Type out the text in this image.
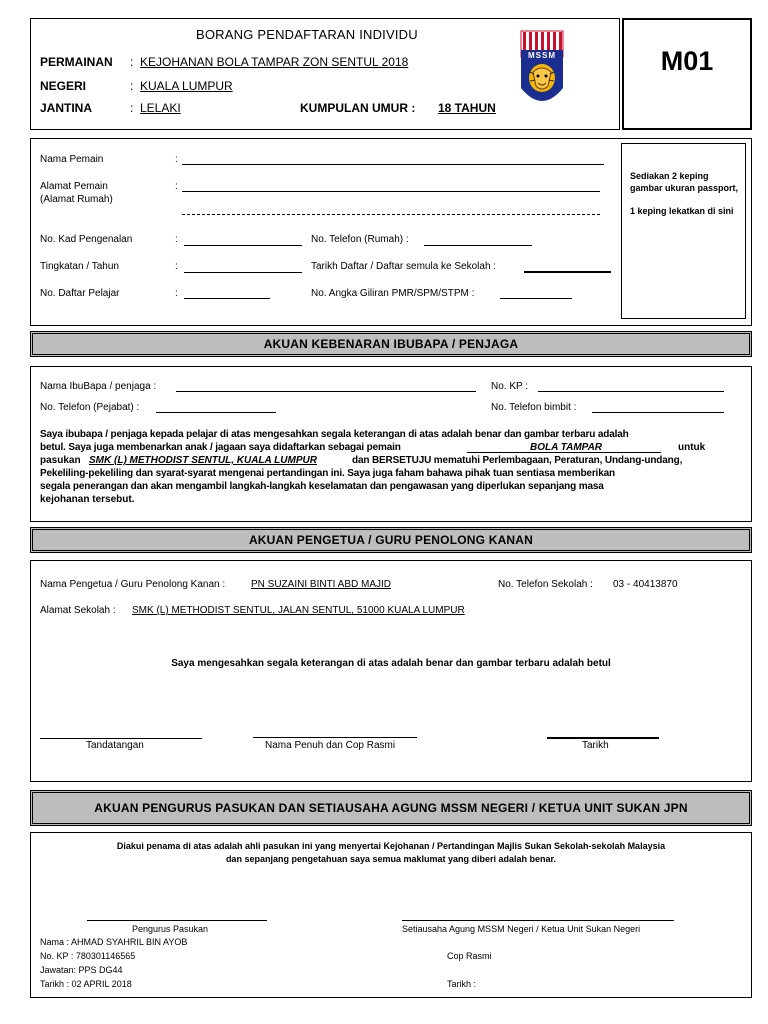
M01
BORANG PENDAFTARAN INDIVIDU
PERMAINAN : KEJOHANAN BOLA TAMPAR ZON SENTUL 2018
NEGERI	: KUALA LUMPUR
JANTINA	: LELAKI	KUMPULAN UMUR :	18 TAHUN
MSSM
Sediakan 2 keping
gambar ukuran passport,
1 keping lekatkan di sini
Nama Pemain	:
Alamat Pemain
(Alamat Rumah)
:
No. Kad Pengenalan	:	No. Telefon (Rumah) :
Tingkatan / Tahun	:	Tarikh Daftar / Daftar semula ke Sekolah :
No. Daftar Pelajar	:	No. Angka Giliran PMR/SPM/STPM :
AKUAN KEBENARAN IBUBAPA / PENJAGA
Nama IbuBapa / penjaga :	No. KP :
No. Telefon (Pejabat) :	No. Telefon bimbit :
Saya ibubapa / penjaga kepada pelajar di atas mengesahkan segala keterangan di atas adalah benar dan gambar terbaru adalah
betul. Saya juga membenarkan anak / jagaan saya didaftarkan sebagai pemain	BOLA TAMPAR	untuk
pasukan SMK (L) METHODIST SENTUL, KUALA LUMPUR	dan BERSETUJU mematuhi Perlembagaan, Peraturan, Undang-undang,
Pekeliling-pekeliling dan syarat-syarat mengenai pertandingan ini. Saya juga faham bahawa pihak tuan sentiasa memberikan
segala penerangan dan akan mengambil langkah-langkah keselamatan dan pengawasan yang diperlukan sepanjang masa
kejohanan tersebut.
AKUAN PENGETUA / GURU PENOLONG KANAN
Nama Pengetua / Guru Penolong Kanan :	PN SUZAINI BINTI ABD MAJID	No. Telefon Sekolah : 03 - 40413870
Alamat Sekolah : SMK (L) METHODIST SENTUL, JALAN SENTUL, 51000 KUALA LUMPUR
Saya mengesahkan segala keterangan di atas adalah benar dan gambar terbaru adalah betul
Tandatangan	Nama Penuh dan Cop Rasmi	Tarikh
AKUAN PENGURUS PASUKAN DAN SETIAUSAHA AGUNG MSSM NEGERI / KETUA UNIT SUKAN JPN
Diakui penama di atas adalah ahli pasukan ini yang menyertai Kejohanan / Pertandingan Majlis Sukan Sekolah-sekolah Malaysia
dan sepanjang pengetahuan saya semua maklumat yang diberi adalah benar.
Pengurus Pasukan
Nama : AHMAD SYAHRIL BIN AYOB
No. KP : 780301146565
Jawatan: PPS DG44
Tarikh : 02 APRIL 2018
Setiausaha Agung MSSM Negeri / Ketua Unit Sukan Negeri
Cop Rasmi
Tarikh :
